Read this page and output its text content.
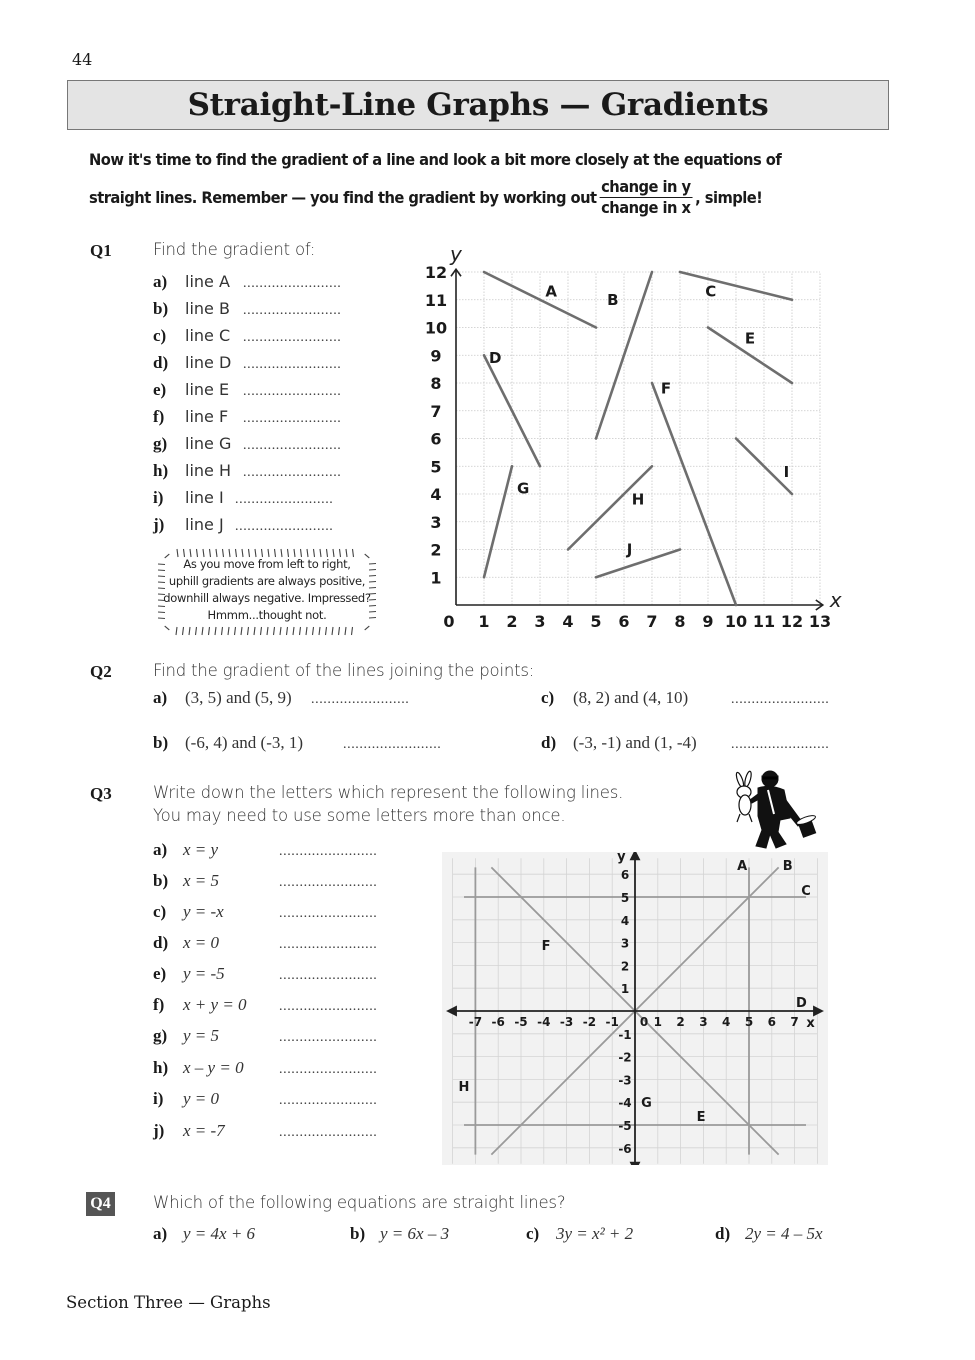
44
Straight-Line Graphs — Gradients
Now it's time to find the gradient of a line and look a bit more closely at the equations of
straight lines. Remember — you find the gradient by working out $\frac{\text{change in y}}{\text{change in x}}$ , simple!
Q1	Find the gradient of:
a)	line A ........................
b)	line B ........................
c)	line C ........................
d)	line D ........................
e)	line E ........................
f)	line F	........................
g)	line G ........................
h)	line H ........................
i)	line I ........................
j)	line J ........................
As you move from left to right,
uphill gradients are always positive,
downhill always negative. Impressed?
Hmmm...thought not.
x
y
0 1 2 3 4 5 6 7 8 9 10 11 12 13
1
2
3
4
5
6
7
8
9
10
11
12
A	B	C
D
E
F
G
H
I
J
Q2	Find the gradient of the lines joining the points:
a)	(3, 5) and (5, 9)	........................
b) (-6, 4) and (-3, 1)	........................
c)	(8, 2) and (4, 10)	........................
d) (-3, -1) and (1, -4)	........................
Q3	Write down the letters which represent the following lines.
You may need to use some letters more than once.
a) x = y	........................
b) x = 5	........................
c) y = -x	........................
d) x = 0	........................
e) y = -5	........................
f)	x + y = 0	........................
g) y = 5	........................
h) x – y = 0	........................
i)	y = 0	........................
j)	x = -7	........................
-7 -6 -5 -4 -3 -2 -1 0 1 2 3 4 5 6 7
-6
-5
-4
-3
-2
-1
1
2
3
4
5
6
x
y
A	B
C
D
E
F
G
H
Q4	Which of the following equations are straight lines?
a) y = 4x + 6	b) y = 6x – 3	c) 3y = x² + 2	d) 2y = 4 – 5x
Section Three — Graphs
